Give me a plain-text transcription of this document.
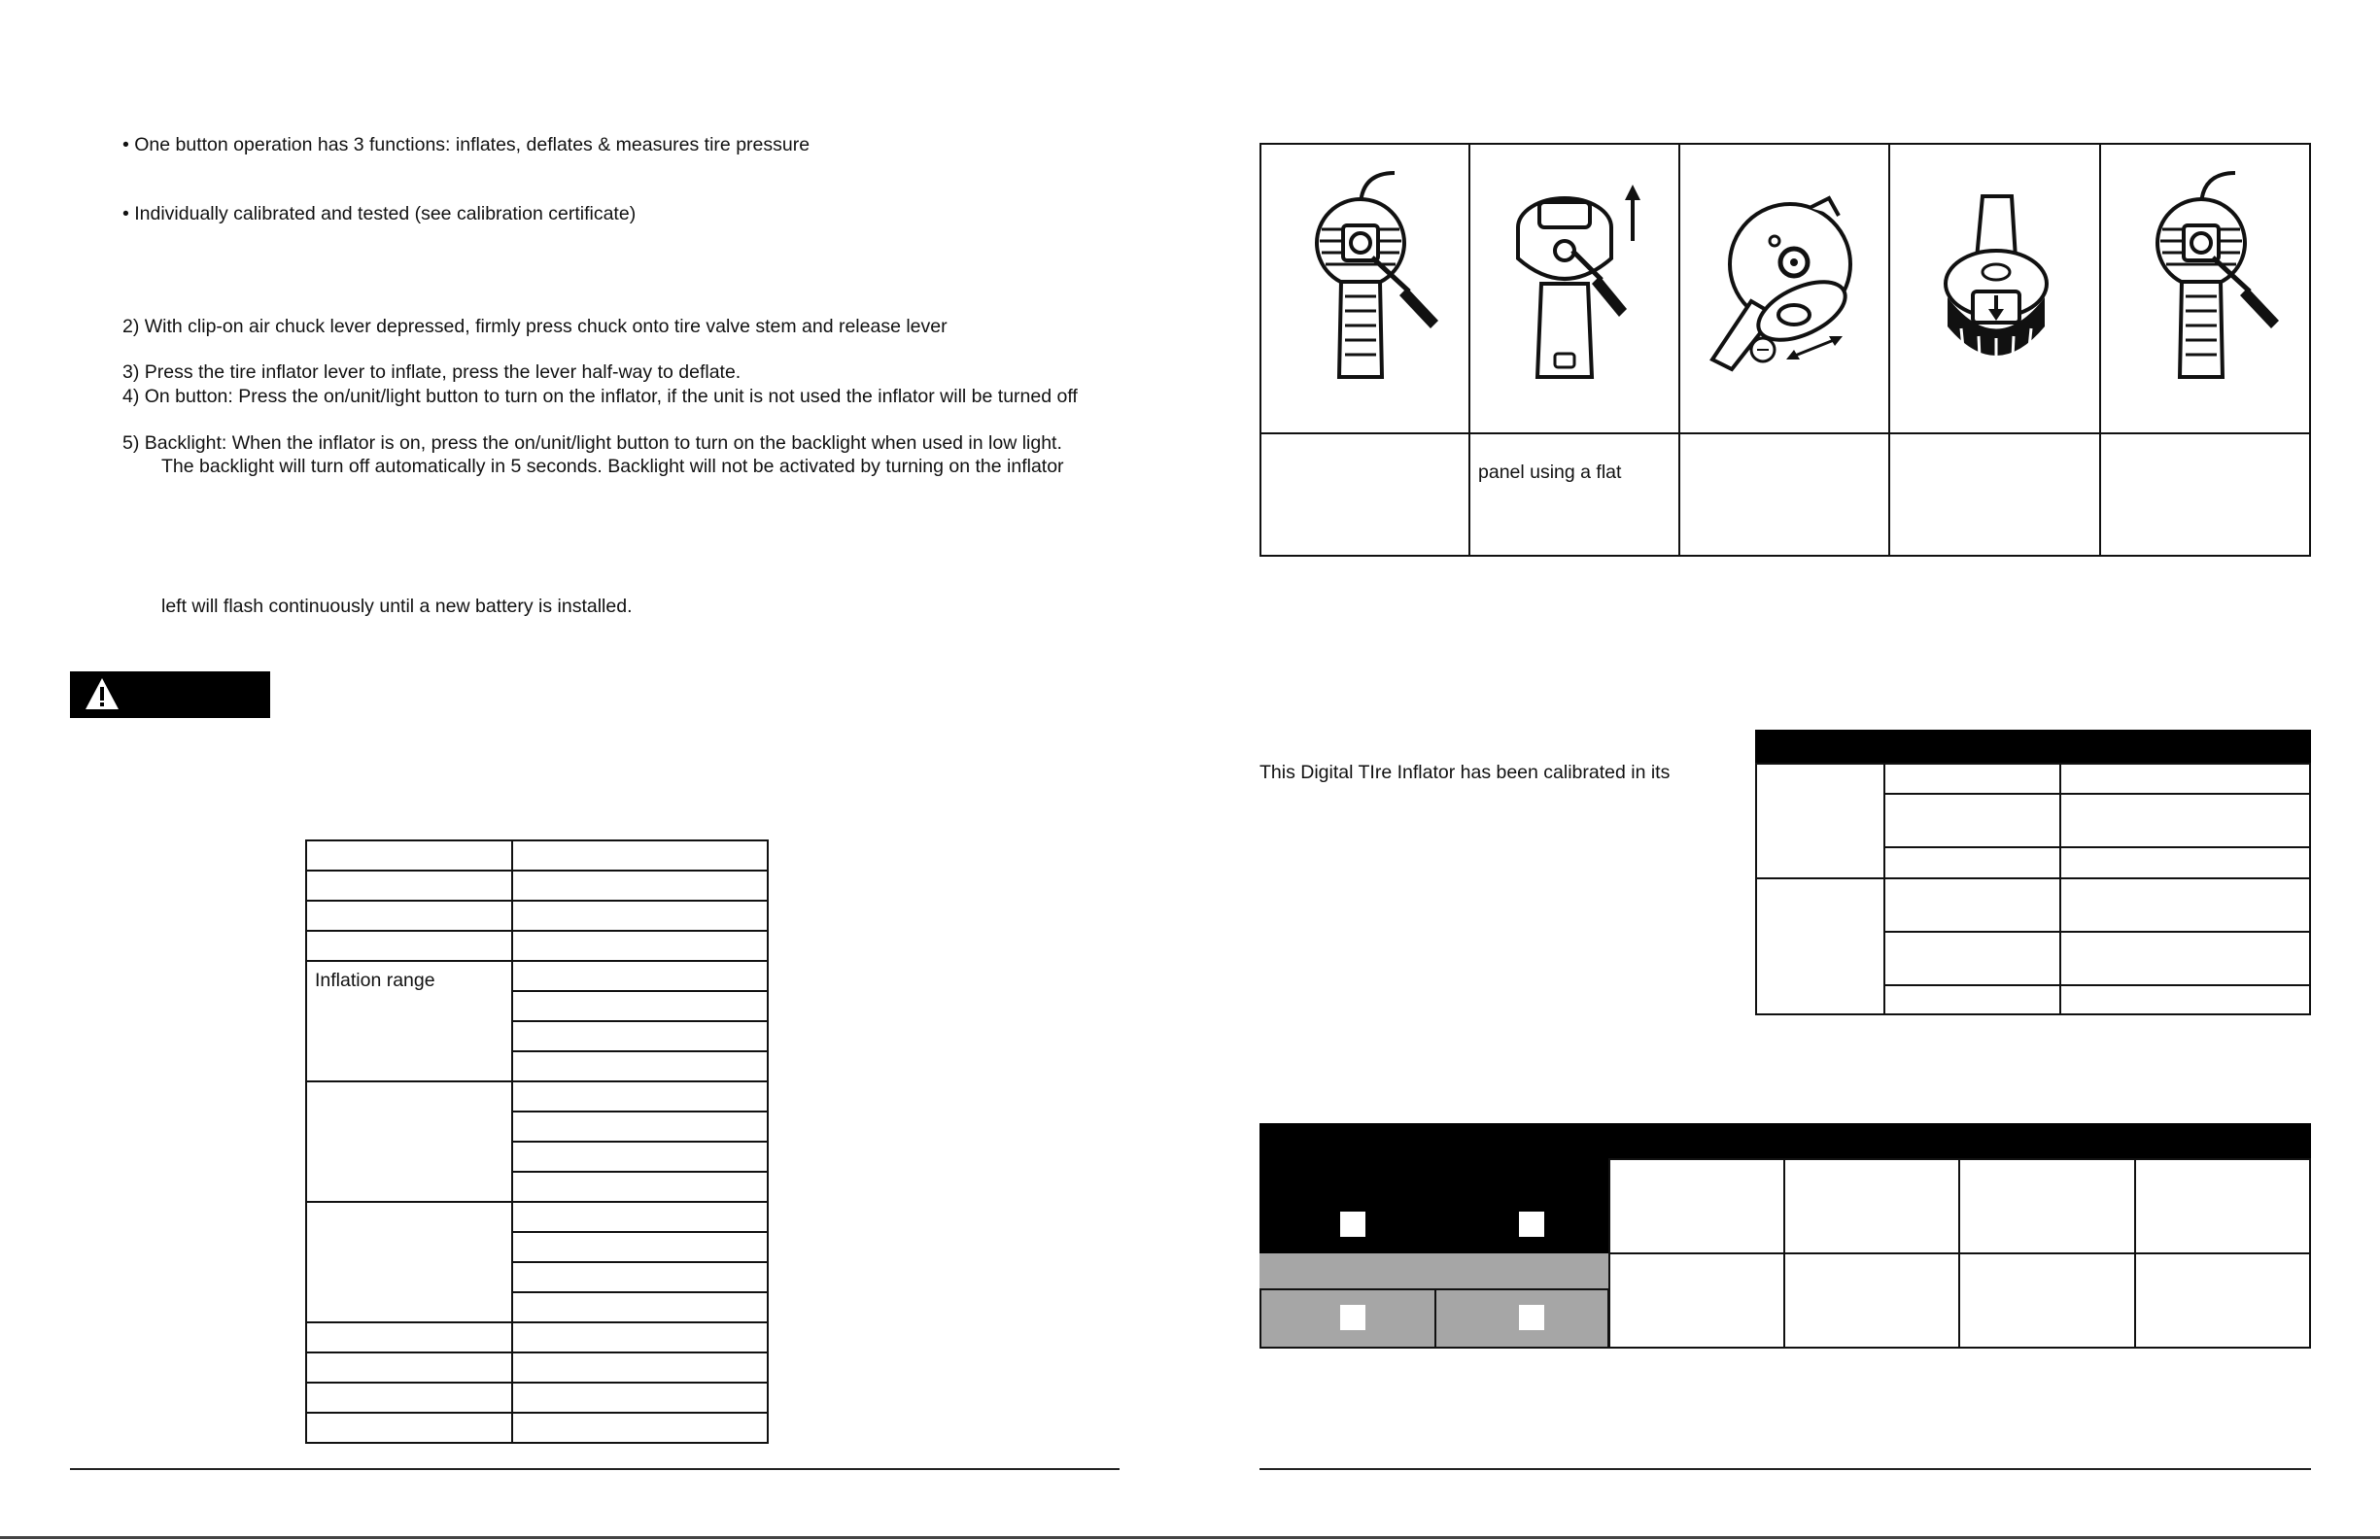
• One button operation has 3 functions: inflates, deflates & measures tire pressure
• Individually calibrated and tested (see calibration certificate)
2) With clip-on air chuck lever depressed, firmly press chuck onto tire valve stem and release lever
3) Press the tire inflator lever to inflate, press the lever half-way to deflate.
4) On button: Press the on/unit/light button to turn on the inflator, if the unit is not used the inflator will be turned off
5) Backlight: When the inflator is on, press the on/unit/light button to turn on the backlight when used in low light.
The backlight will turn off automatically in 5 seconds. Backlight will not be activated by turning on the inflator
left will flash continuously until a new battery is installed.

Inflation range	

panel using a flat
This Digital TIre Inflator has been calibrated in its
